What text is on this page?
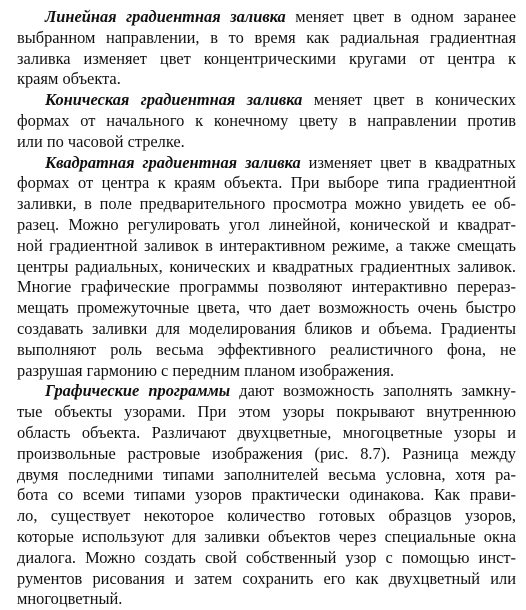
Линейная градиентная заливка меняет цвет в одном заранее
выбранном направлении, в то время как радиальная градиентная
заливка изменяет цвет концентрическими кругами от центра к
краям объекта.
Коническая градиентная заливка меняет цвет в конических
формах от начального к конечному цвету в направлении против
или по часовой стрелке.
Квадратная градиентная заливка изменяет цвет в квадратных
формах от центра к краям объекта. При выборе типа градиентной
заливки, в поле предварительного просмотра можно увидеть ее об-
разец. Можно регулировать угол линейной, конической и квадрат-
ной градиентной заливок в интерактивном режиме, а также смещать
центры радиальных, конических и квадратных градиентных заливок.
Многие графические программы позволяют интерактивно перераз-
мещать промежуточные цвета, что дает возможность очень быстро
создавать заливки для моделирования бликов и объема. Градиенты
выполняют роль весьма эффективного реалистичного фона, не
разрушая гармонию с передним планом изображения.
Графические программы дают возможность заполнять замкну-
тые объекты узорами. При этом узоры покрывают внутреннюю
область объекта. Различают двухцветные, многоцветные узоры и
произвольные растровые изображения (рис. 8.7). Разница между
двумя последними типами заполнителей весьма условна, хотя ра-
бота со всеми типами узоров практически одинакова. Как прави-
ло, существует некоторое количество готовых образцов узоров,
которые используют для заливки объектов через специальные окна
диалога. Можно создать свой собственный узор с помощью инст-
рументов рисования и затем сохранить его как двухцветный или
многоцветный.
